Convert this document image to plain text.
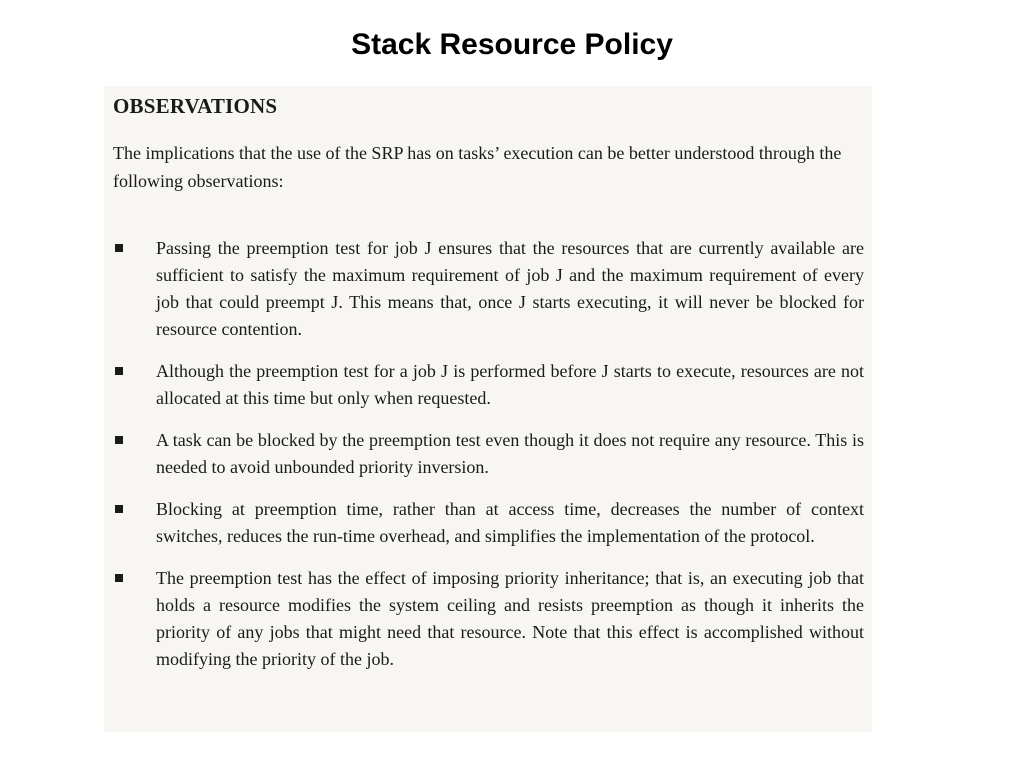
Stack Resource Policy
OBSERVATIONS
The implications that the use of the SRP has on tasks’ execution can be better understood through the following observations:
Passing the preemption test for job J ensures that the resources that are currently available are sufficient to satisfy the maximum requirement of job J and the maximum requirement of every job that could preempt J. This means that, once J starts executing, it will never be blocked for resource contention.
Although the preemption test for a job J is performed before J starts to execute, resources are not allocated at this time but only when requested.
A task can be blocked by the preemption test even though it does not require any resource. This is needed to avoid unbounded priority inversion.
Blocking at preemption time, rather than at access time, decreases the number of context switches, reduces the run-time overhead, and simplifies the implementation of the protocol.
The preemption test has the effect of imposing priority inheritance; that is, an executing job that holds a resource modifies the system ceiling and resists preemption as though it inherits the priority of any jobs that might need that resource. Note that this effect is accomplished without modifying the priority of the job.
